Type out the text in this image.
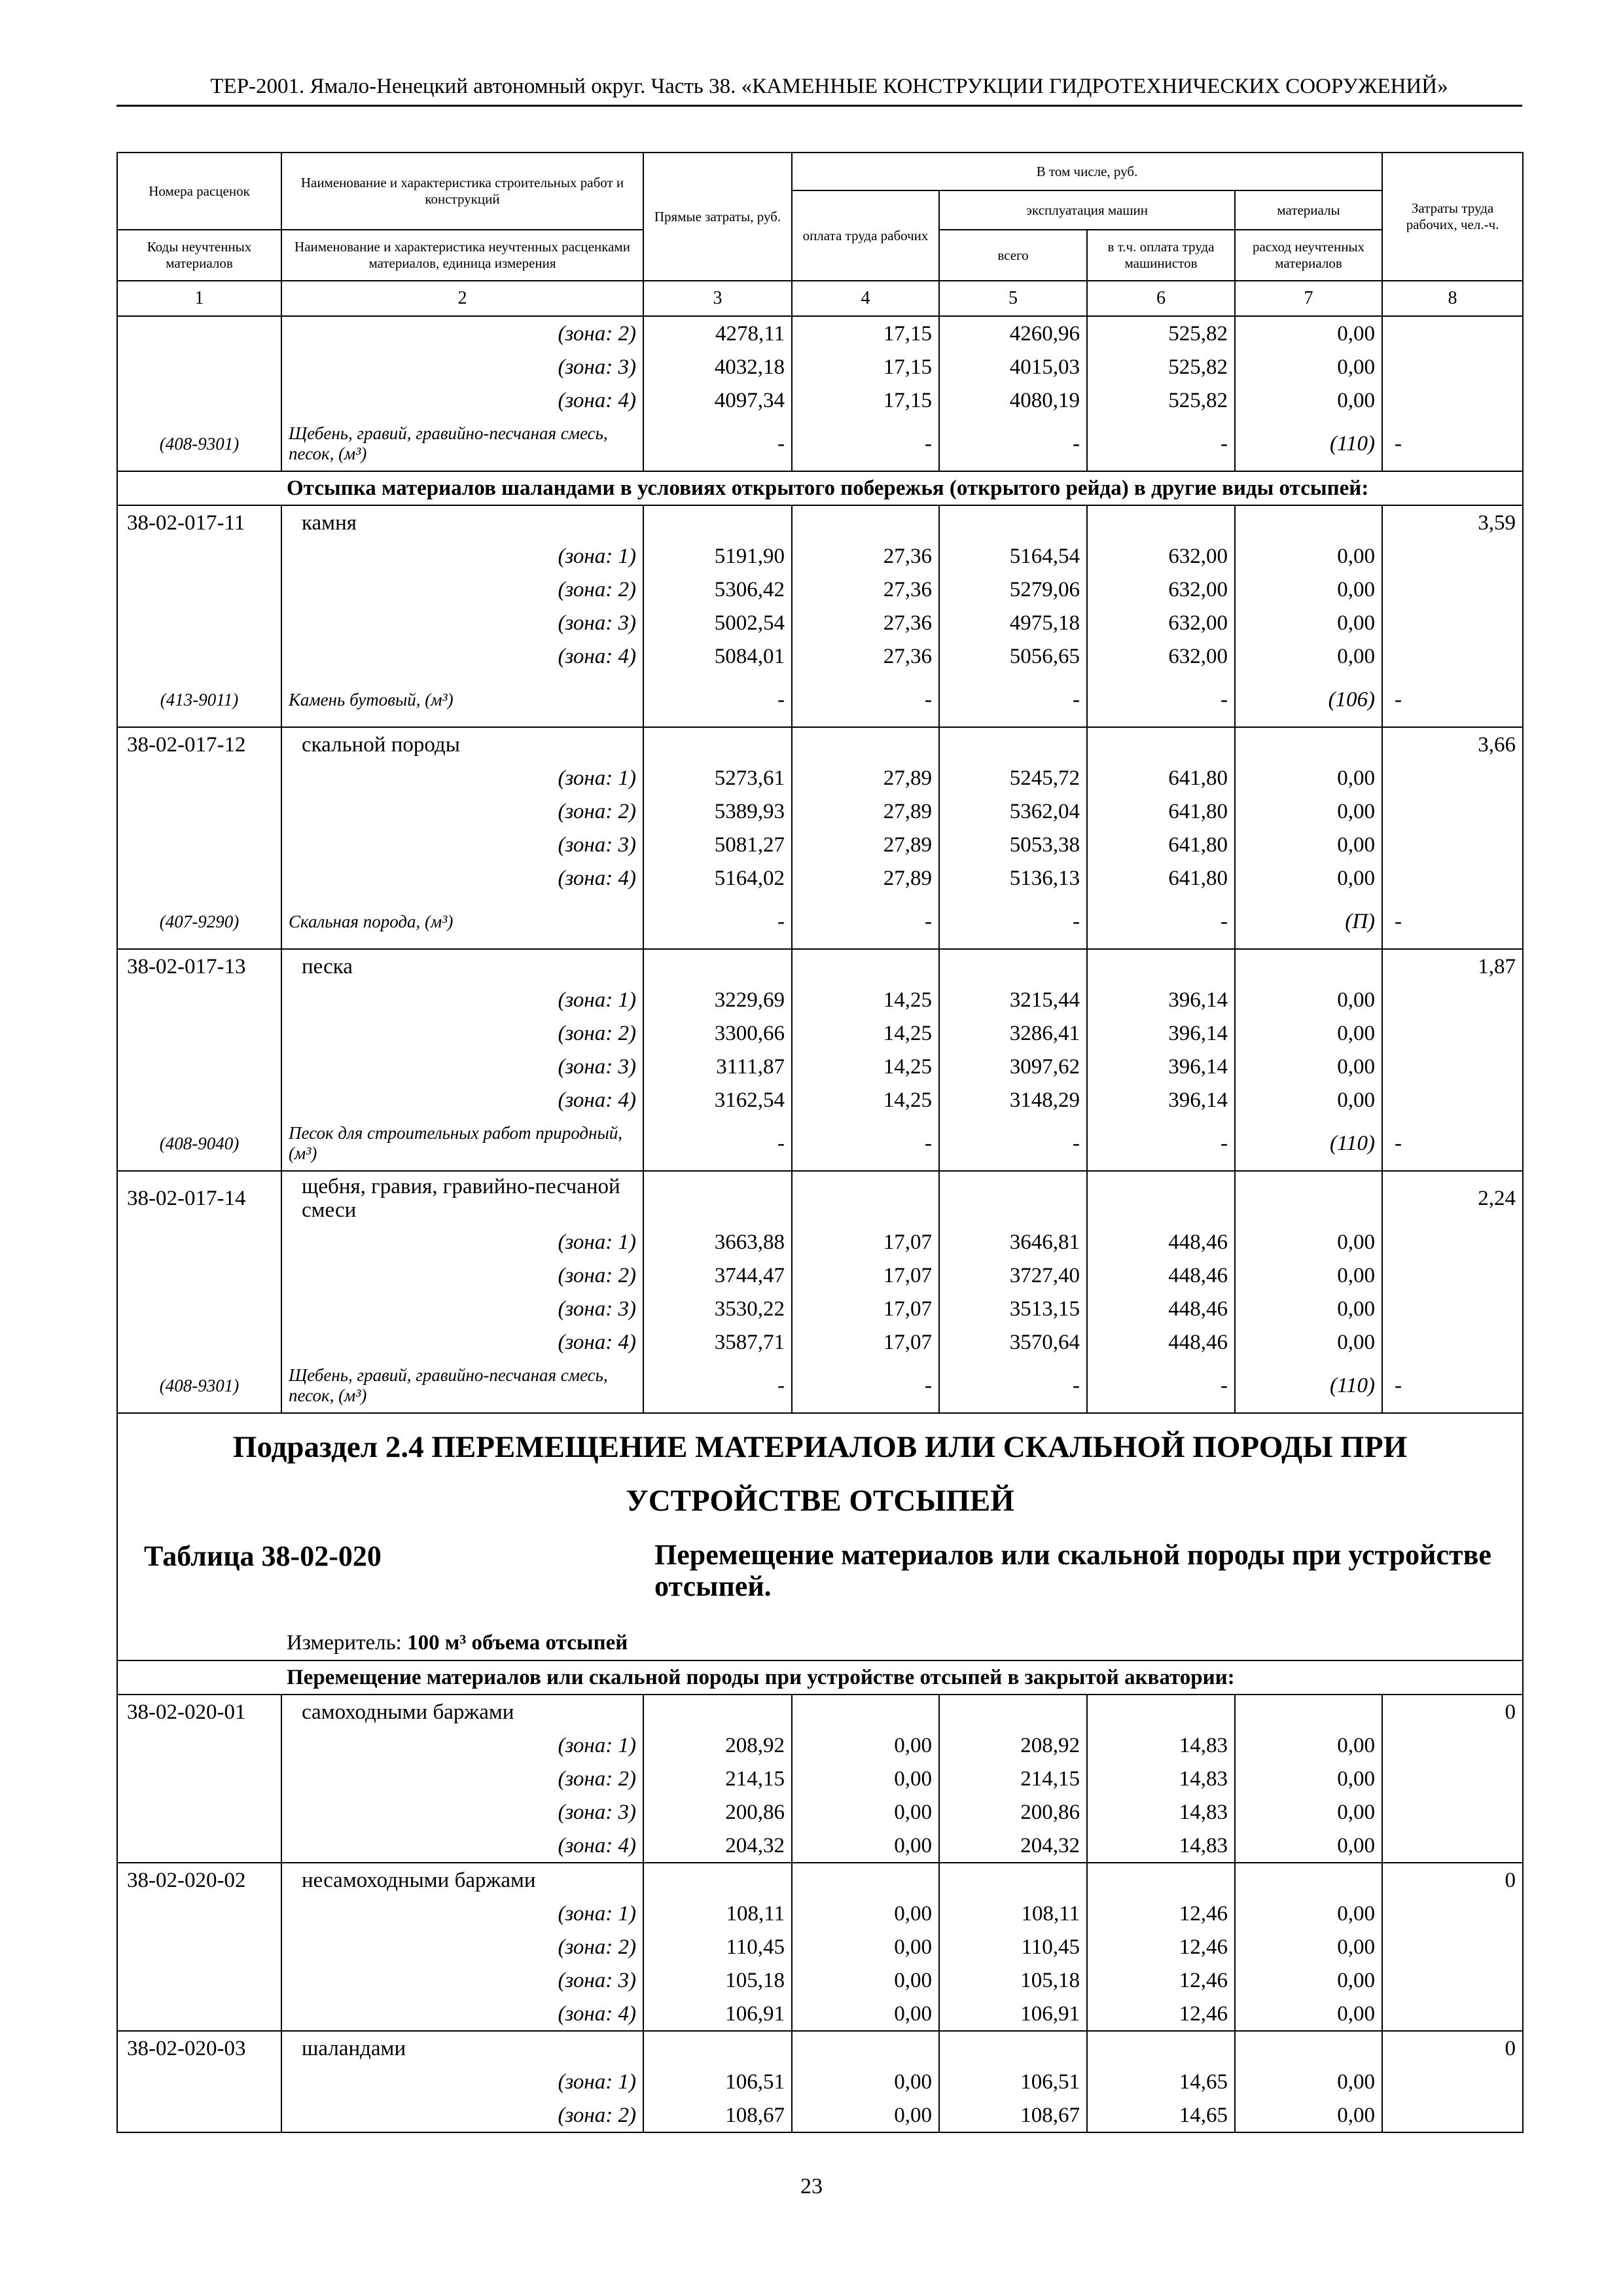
ТЕР-2001. Ямало-Ненецкий автономный округ. Часть 38. «КАМЕННЫЕ КОНСТРУКЦИИ ГИДРОТЕХНИЧЕСКИХ СООРУЖЕНИЙ»
Номера расценок	Наименование и характеристика строительных работ и конструкций	Прямые затраты, руб.	В том числе, руб.				Затраты труда рабочих, чел.-ч.
			оплата труда рабочих	эксплуатация машин		материалы	
Коды неучтенных материалов	Наименование и характеристика неучтенных расценками материалов, единица измерения			всего	в т.ч. оплата труда машинистов	расход неучтенных материалов	
1	2	3	4	5	6	7	8
	(зона: 2)	4278,11	17,15	4260,96	525,82	0,00	
	(зона: 3)	4032,18	17,15	4015,03	525,82	0,00	
	(зона: 4)	4097,34	17,15	4080,19	525,82	0,00	
(408-9301)	Щебень, гравий, гравийно-песчаная смесь, песок, (м³)	-	-	-	-	(110)	-
Отсыпка материалов шаландами в условиях открытого побережья (открытого рейда) в другие виды отсыпей:							
38-02-017-11	камня						3,59
	(зона: 1)	5191,90	27,36	5164,54	632,00	0,00	
	(зона: 2)	5306,42	27,36	5279,06	632,00	0,00	
	(зона: 3)	5002,54	27,36	4975,18	632,00	0,00	
	(зона: 4)	5084,01	27,36	5056,65	632,00	0,00	
(413-9011)	Камень бутовый, (м³)	-	-	-	-	(106)	-
38-02-017-12	скальной породы						3,66
	(зона: 1)	5273,61	27,89	5245,72	641,80	0,00	
	(зона: 2)	5389,93	27,89	5362,04	641,80	0,00	
	(зона: 3)	5081,27	27,89	5053,38	641,80	0,00	
	(зона: 4)	5164,02	27,89	5136,13	641,80	0,00	
(407-9290)	Скальная порода, (м³)	-	-	-	-	(П)	-
38-02-017-13	песка						1,87
	(зона: 1)	3229,69	14,25	3215,44	396,14	0,00	
	(зона: 2)	3300,66	14,25	3286,41	396,14	0,00	
	(зона: 3)	3111,87	14,25	3097,62	396,14	0,00	
	(зона: 4)	3162,54	14,25	3148,29	396,14	0,00	
(408-9040)	Песок для строительных работ природный, (м³)	-	-	-	-	(110)	-
38-02-017-14	щебня, гравия, гравийно-песчаной смеси						2,24
	(зона: 1)	3663,88	17,07	3646,81	448,46	0,00	
	(зона: 2)	3744,47	17,07	3727,40	448,46	0,00	
	(зона: 3)	3530,22	17,07	3513,15	448,46	0,00	
	(зона: 4)	3587,71	17,07	3570,64	448,46	0,00	
(408-9301)	Щебень, гравий, гравийно-песчаная смесь, песок, (м³)	-	-	-	-	(110)	-

Подраздел 2.4 ПЕРЕМЕЩЕНИЕ МАТЕРИАЛОВ ИЛИ СКАЛЬНОЙ ПОРОДЫ ПРИ
УСТРОЙСТВЕ ОТСЫПЕЙ							

Таблица 38-02-020 Перемещение материалов или скальной породы при устройстве отсыпей.							

Измеритель: 100 м³ объема отсыпей							
Перемещение материалов или скальной породы при устройстве отсыпей в закрытой акватории:							
38-02-020-01	самоходными баржами						0
	(зона: 1)	208,92	0,00	208,92	14,83	0,00	
	(зона: 2)	214,15	0,00	214,15	14,83	0,00	
	(зона: 3)	200,86	0,00	200,86	14,83	0,00	
	(зона: 4)	204,32	0,00	204,32	14,83	0,00	
38-02-020-02	несамоходными баржами						0
	(зона: 1)	108,11	0,00	108,11	12,46	0,00	
	(зона: 2)	110,45	0,00	110,45	12,46	0,00	
	(зона: 3)	105,18	0,00	105,18	12,46	0,00	
	(зона: 4)	106,91	0,00	106,91	12,46	0,00	
38-02-020-03	шаландами						0
	(зона: 1)	106,51	0,00	106,51	14,65	0,00	
	(зона: 2)	108,67	0,00	108,67	14,65	0,00	
23
